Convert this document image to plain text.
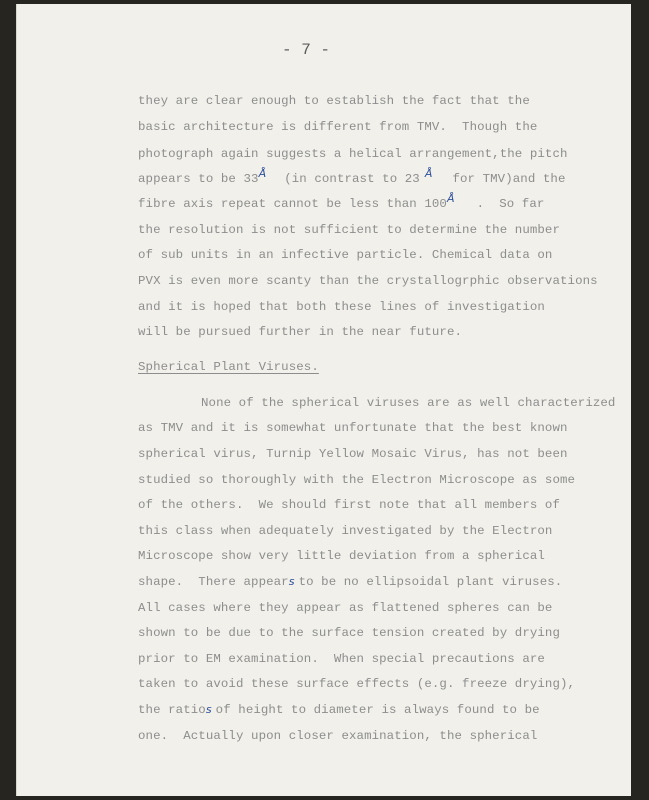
- 7 -
they are clear enough to establish the fact that the
basic architecture is different from TMV.  Though the
photograph again suggests a helical arrangement,the pitch
appears to be 33Å (in contrast to 23 Å for TMV)and the
fibre axis repeat cannot be less than 100Å .  So far
the resolution is not sufficient to determine the number
of sub units in an infective particle. Chemical data on
PVX is even more scanty than the crystallogrphic observations
and it is hoped that both these lines of investigation
will be pursued further in the near future.
Spherical Plant Viruses.
None of the spherical viruses are as well characterized
as TMV and it is somewhat unfortunate that the best known
spherical virus, Turnip Yellow Mosaic Virus, has not been
studied so thoroughly with the Electron Microscope as some
of the others.  We should first note that all members of
this class when adequately investigated by the Electron
Microscope show very little deviation from a spherical
shape.  There appears to be no ellipsoidal plant viruses.
All cases where they appear as flattened spheres can be
shown to be due to the surface tension created by drying
prior to EM examination.  When special precautions are
taken to avoid these surface effects (e.g. freeze drying),
the ratios of height to diameter is always found to be
one.  Actually upon closer examination, the spherical
